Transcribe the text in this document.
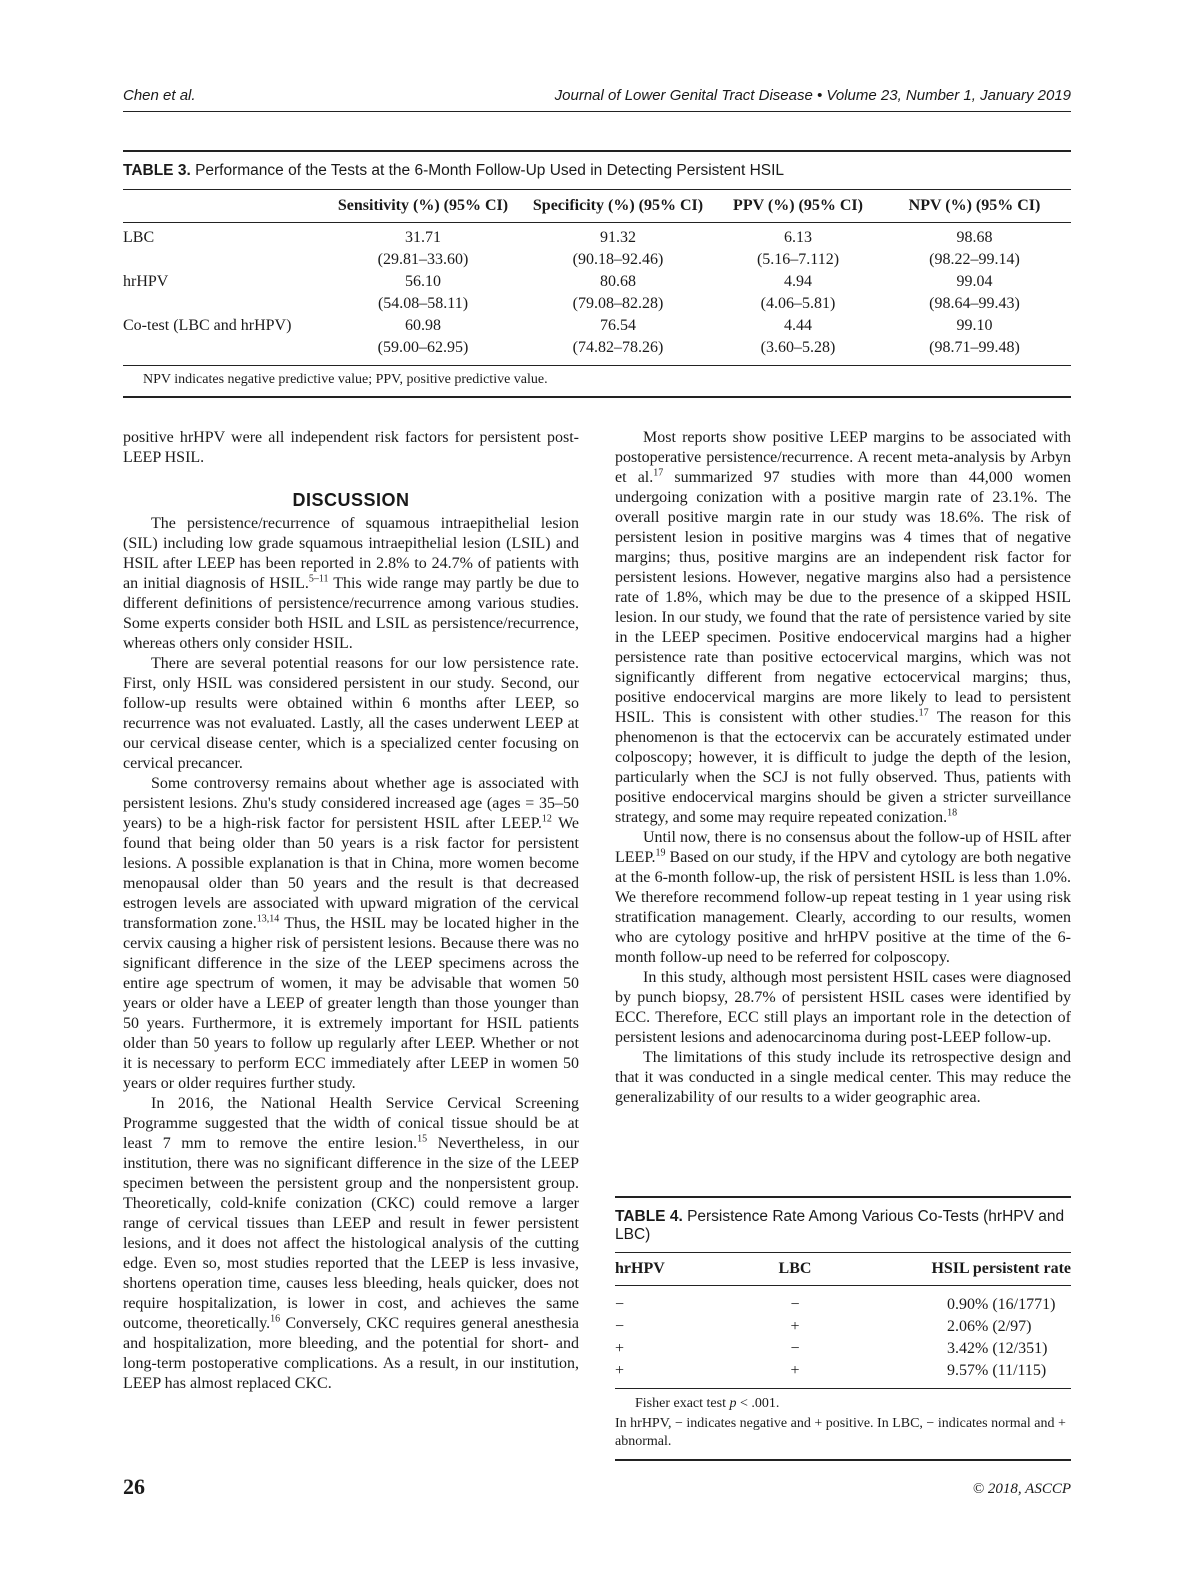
Chen et al.	Journal of Lower Genital Tract Disease • Volume 23, Number 1, January 2019
TABLE 3. Performance of the Tests at the 6-Month Follow-Up Used in Detecting Persistent HSIL
	Sensitivity (%) (95% CI)	Specificity (%) (95% CI)	PPV (%) (95% CI)	NPV (%) (95% CI)
LBC	31.71	91.32	6.13	98.68
	(29.81–33.60)	(90.18–92.46)	(5.16–7.112)	(98.22–99.14)
hrHPV	56.10	80.68	4.94	99.04
	(54.08–58.11)	(79.08–82.28)	(4.06–5.81)	(98.64–99.43)
Co-test (LBC and hrHPV)	60.98	76.54	4.44	99.10
	(59.00–62.95)	(74.82–78.26)	(3.60–5.28)	(98.71–99.48)
NPV indicates negative predictive value; PPV, positive predictive value.

positive hrHPV were all independent risk factors for persistent post-LEEP HSIL.

DISCUSSION

The persistence/recurrence of squamous intraepithelial lesion (SIL) including low grade squamous intraepithelial lesion (LSIL) and HSIL after LEEP has been reported in 2.8% to 24.7% of patients with an initial diagnosis of HSIL.$^{5-11}$ This wide range may partly be due to different definitions of persistence/recurrence among various studies. Some experts consider both HSIL and LSIL as persistence/recurrence, whereas others only consider HSIL.

There are several potential reasons for our low persistence rate. First, only HSIL was considered persistent in our study. Second, our follow-up results were obtained within 6 months after LEEP, so recurrence was not evaluated. Lastly, all the cases underwent LEEP at our cervical disease center, which is a specialized center focusing on cervical precancer.

Some controversy remains about whether age is associated with persistent lesions. Zhu's study considered increased age (ages = 35–50 years) to be a high-risk factor for persistent HSIL after LEEP.$^{12}$ We found that being older than 50 years is a risk factor for persistent lesions. A possible explanation is that in China, more women become menopausal older than 50 years and the result is that decreased estrogen levels are associated with upward migration of the cervical transformation zone.$^{13,14}$ Thus, the HSIL may be located higher in the cervix causing a higher risk of persistent lesions. Because there was no significant difference in the size of the LEEP specimens across the entire age spectrum of women, it may be advisable that women 50 years or older have a LEEP of greater length than those younger than 50 years. Furthermore, it is extremely important for HSIL patients older than 50 years to follow up regularly after LEEP. Whether or not it is necessary to perform ECC immediately after LEEP in women 50 years or older requires further study.

In 2016, the National Health Service Cervical Screening Programme suggested that the width of conical tissue should be at least 7 mm to remove the entire lesion.$^{15}$ Nevertheless, in our institution, there was no significant difference in the size of the LEEP specimen between the persistent group and the nonpersistent group. Theoretically, cold-knife conization (CKC) could remove a larger range of cervical tissues than LEEP and result in fewer persistent lesions, and it does not affect the histological analysis of the cutting edge. Even so, most studies reported that the LEEP is less invasive, shortens operation time, causes less bleeding, heals quicker, does not require hospitalization, is lower in cost, and achieves the same outcome, theoretically.$^{16}$ Conversely, CKC requires general anesthesia and hospitalization, more bleeding, and the potential for short- and long-term postoperative complications. As a result, in our institution, LEEP has almost replaced CKC.

Most reports show positive LEEP margins to be associated with postoperative persistence/recurrence. A recent meta-analysis by Arbyn et al.$^{17}$ summarized 97 studies with more than 44,000 women undergoing conization with a positive margin rate of 23.1%. The overall positive margin rate in our study was 18.6%. The risk of persistent lesion in positive margins was 4 times that of negative margins; thus, positive margins are an independent risk factor for persistent lesions. However, negative margins also had a persistence rate of 1.8%, which may be due to the presence of a skipped HSIL lesion. In our study, we found that the rate of persistence varied by site in the LEEP specimen. Positive endocervical margins had a higher persistence rate than positive ectocervical margins, which was not significantly different from negative ectocervical margins; thus, positive endocervical margins are more likely to lead to persistent HSIL. This is consistent with other studies.$^{17}$ The reason for this phenomenon is that the ectocervix can be accurately estimated under colposcopy; however, it is difficult to judge the depth of the lesion, particularly when the SCJ is not fully observed. Thus, patients with positive endocervical margins should be given a stricter surveillance strategy, and some may require repeated conization.$^{18}$

Until now, there is no consensus about the follow-up of HSIL after LEEP.$^{19}$ Based on our study, if the HPV and cytology are both negative at the 6-month follow-up, the risk of persistent HSIL is less than 1.0%. We therefore recommend follow-up repeat testing in 1 year using risk stratification management. Clearly, according to our results, women who are cytology positive and hrHPV positive at the time of the 6-month follow-up need to be referred for colposcopy.

In this study, although most persistent HSIL cases were diagnosed by punch biopsy, 28.7% of persistent HSIL cases were identified by ECC. Therefore, ECC still plays an important role in the detection of persistent lesions and adenocarcinoma during post-LEEP follow-up.

The limitations of this study include its retrospective design and that it was conducted in a single medical center. This may reduce the generalizability of our results to a wider geographic area.

TABLE 4. Persistence Rate Among Various Co-Tests (hrHPV and LBC)
hrHPV	LBC	HSIL persistent rate
−	−	0.90% (16/1771)
−	+	2.06% (2/97)
+	−	3.42% (12/351)
+	+	9.57% (11/115)

Fisher exact test p < .001.

In hrHPV, − indicates negative and + positive. In LBC, − indicates normal and + abnormal.

26	© 2018, ASCCP
